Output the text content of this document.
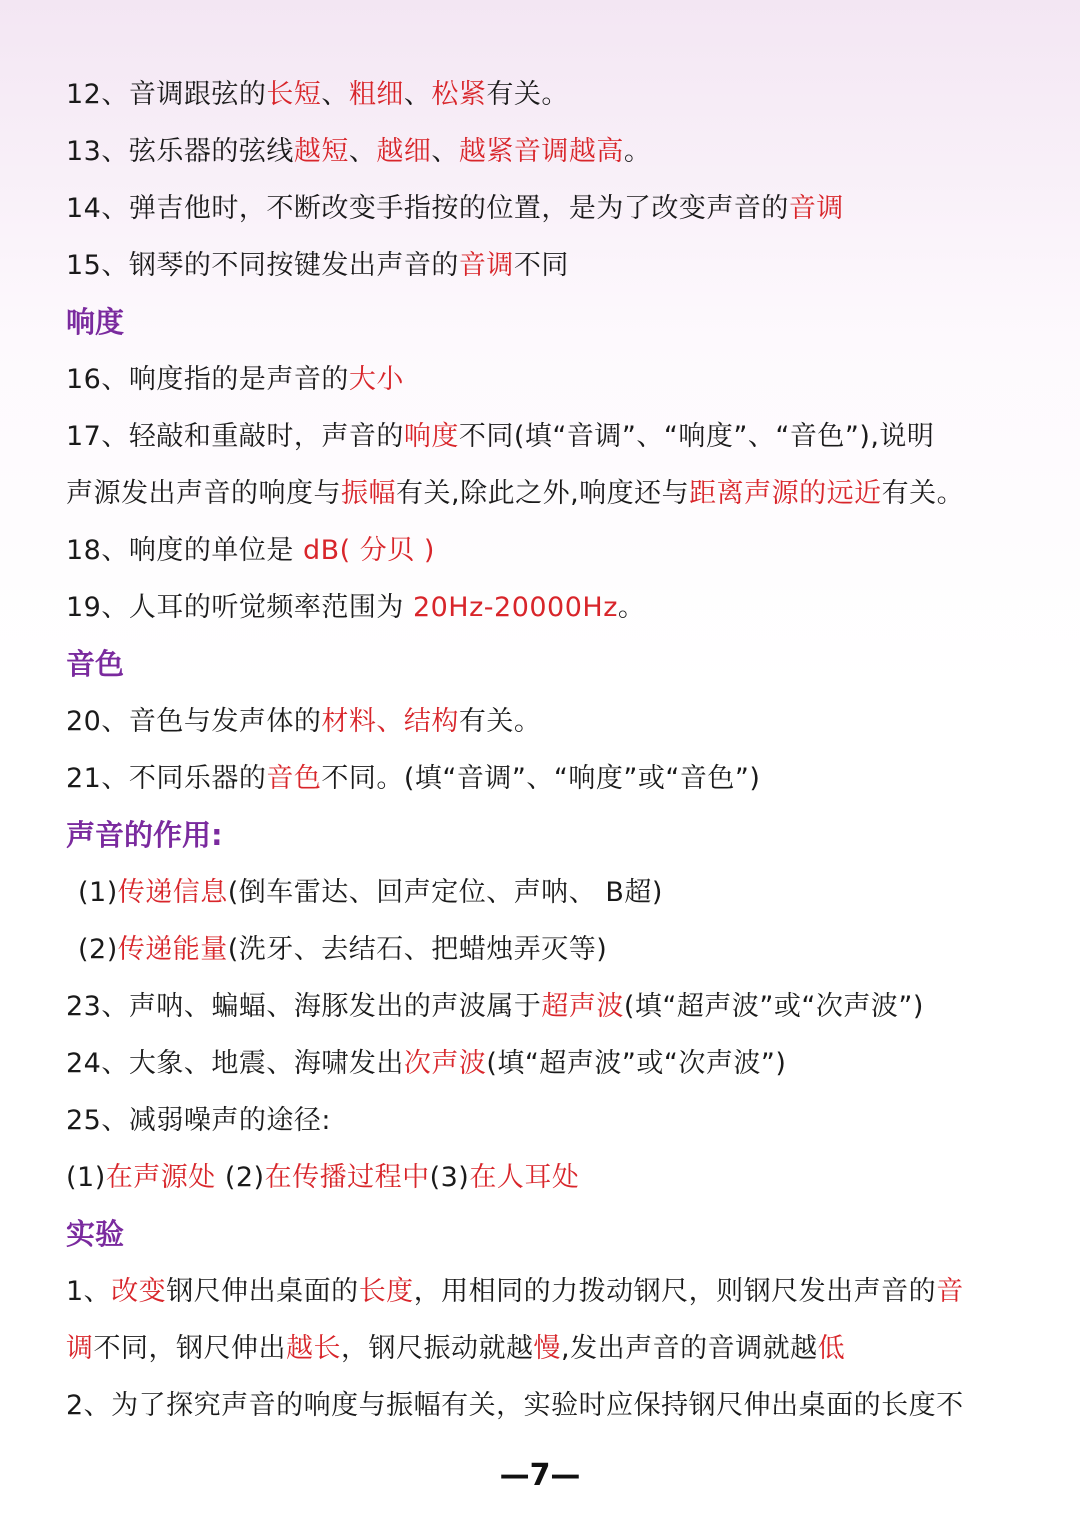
12、音调跟弦的长短、粗细、松紧有关。
13、弦乐器的弦线越短、越细、越紧音调越高。
14、弹吉他时，不断改变手指按的位置，是为了改变声音的音调
15、钢琴的不同按键发出声音的音调不同
响度
16、响度指的是声音的大小
17、轻敲和重敲时，声音的响度不同(填“音调”、“响度”、“音色”),说明
声源发出声音的响度与振幅有关,除此之外,响度还与距离声源的远近有关。
18、响度的单位是 dB( 分贝 )
19、人耳的听觉频率范围为 20Hz-20000Hz。
音色
20、音色与发声体的材料、结构有关。
21、不同乐器的音色不同。(填“音调”、“响度”或“音色”)
声音的作用:
(1)传递信息(倒车雷达、回声定位、声呐、 B超)
(2)传递能量(洗牙、去结石、把蜡烛弄灭等)
23、声呐、蝙蝠、海豚发出的声波属于超声波(填“超声波”或“次声波”)
24、大象、地震、海啸发出次声波(填“超声波”或“次声波”)
25、减弱噪声的途径:
(1)在声源处 (2)在传播过程中(3)在人耳处
实验
1、改变钢尺伸出桌面的长度，用相同的力拨动钢尺，则钢尺发出声音的音
调不同，钢尺伸出越长，钢尺振动就越慢,发出声音的音调就越低
2、为了探究声音的响度与振幅有关，实验时应保持钢尺伸出桌面的长度不
—7—
